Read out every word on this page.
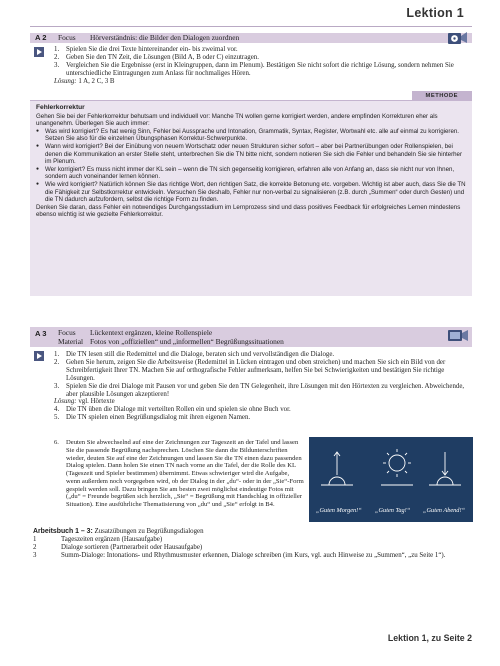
Lektion 1
A 2 Focus Hörverständnis: die Bilder den Dialogen zuordnen
1. Spielen Sie die drei Texte hintereinander ein- bis zweimal vor.
2. Geben Sie den TN Zeit, die Lösungen (Bild A, B oder C) einzutragen.
3. Vergleichen Sie die Ergebnisse (erst in Kleingruppen, dann im Plenum). Bestätigen Sie nicht sofort die richtige Lösung, sondern nehmen Sie unterschiedliche Eintragungen zum Anlass für nochmaliges Hören.
Lösung: 1 A, 2 C, 3 B
METHODE
Fehlerkorrektur

Gehen Sie bei der Fehlerkorrektur behutsam und individuell vor: Manche TN wollen gerne korrigiert werden, andere empfinden Korrekturen eher als unangenehm. Überlegen Sie auch immer:

● Was wird korrigiert? Es hat wenig Sinn, Fehler bei Aussprache und Intonation, Grammatik, Syntax, Register, Wortwahl etc. alle auf einmal zu korrigieren. Setzen Sie also für die einzelnen Übungsphasen Korrektur-Schwerpunkte.
● Wann wird korrigiert? Bei der Einübung von neuem Wortschatz oder neuen Strukturen sicher sofort – aber bei Partnerübungen oder Rollenspielen, bei denen die Kommunikation an erster Stelle steht, unterbrechen Sie die TN bitte nicht, sondern notieren Sie sich die Fehler und behandeln Sie sie hinterher im Plenum.
● Wer korrigiert? Es muss nicht immer der KL sein – wenn die TN sich gegenseitig korrigieren, erfahren alle von Anfang an, dass sie nicht nur von Ihnen, sondern auch voneinander lernen können.
● Wie wird korrigiert? Natürlich können Sie das richtige Wort, den richtigen Satz, die korrekte Betonung etc. vorgeben. Wichtig ist aber auch, dass Sie die TN die Fähigkeit zur Selbstkorrektur entwickeln. Versuchen Sie deshalb, Fehler nur non-verbal zu signalisieren (z.B. durch „Summen“ oder durch Gesten) und die TN dadurch aufzufordern, selbst die richtige Form zu finden.

Denken Sie daran, dass Fehler ein notwendiges Durchgangsstadium im Lernprozess sind und dass positives Feedback für erfolgreiches Lernen mindestens ebenso wichtig ist wie gezielte Fehlerkorrektur.

A 3 Focus Lückentext ergänzen, kleine Rollenspiele
Material Fotos von „offiziellen“ und „informellen“ Begrüßungssituationen
1. Die TN lesen still die Redemittel und die Dialoge, beraten sich und vervollständigen die Dialoge.
2. Gehen Sie herum, zeigen Sie die Arbeitsweise (Redemittel in Lücken eintragen und oben streichen) und machen Sie sich ein Bild von der Schreibfertigkeit Ihrer TN. Machen Sie auf orthografische Fehler aufmerksam, helfen Sie bei Schwierigkeiten und bestätigen Sie richtige Lösungen.
3. Spielen Sie die drei Dialoge mit Pausen vor und geben Sie den TN Gelegenheit, ihre Lösungen mit den Hörtexten zu vergleichen. Abweichende, aber plausible Lösungen akzeptieren!
Lösung: vgl. Hörtexte
4. Die TN üben die Dialoge mit verteilten Rollen ein und spielen sie ohne Buch vor.
5. Die TN spielen einen Begrüßungsdialog mit ihren eigenen Namen.
6. Deuten Sie abwechselnd auf eine der Zeichnungen zur Tageszeit an der Tafel und lassen Sie die passende Begrüßung nachsprechen. Löschen Sie dann die Bildunterschriften wieder, deuten Sie auf eine der Zeichnungen und lassen Sie die TN einen dazu passenden Dialog spielen. Dann holen Sie einen TN nach vorne an die Tafel, der die Rolle des KL (Tageszeit und Spieler bestimmen) übernimmt. Etwas schwieriger wird die Aufgabe, wenn außerdem noch vorgegeben wird, ob der Dialog in der „du“- oder in der „Sie“-Form gespielt werden soll. Dazu bringen Sie am besten zwei möglichst eindeutige Fotos mit („du“ = Freunde begrüßen sich herzlich, „Sie“ = Begrüßung mit Handschlag in offizieller Situation). Eine ausführliche Thematisierung von „du“ und „Sie“ erfolgt in B4.
„Guten Morgen!“ „Guten Tag!“ „Guten Abend!“
Arbeitsbuch 1 – 3: Zusatzübungen zu Begrüßungsdialogen
1	Tageszeiten ergänzen (Hausaufgabe)
2	Dialoge sortieren (Partnerarbeit oder Hausaufgabe)
3	Summ-Dialoge: Intonations- und Rhythmusmuster erkennen, Dialoge schreiben (im Kurs, vgl. auch Hinweise zu „Summen“, „zu Seite 1“).
Lektion 1, zu Seite 2
